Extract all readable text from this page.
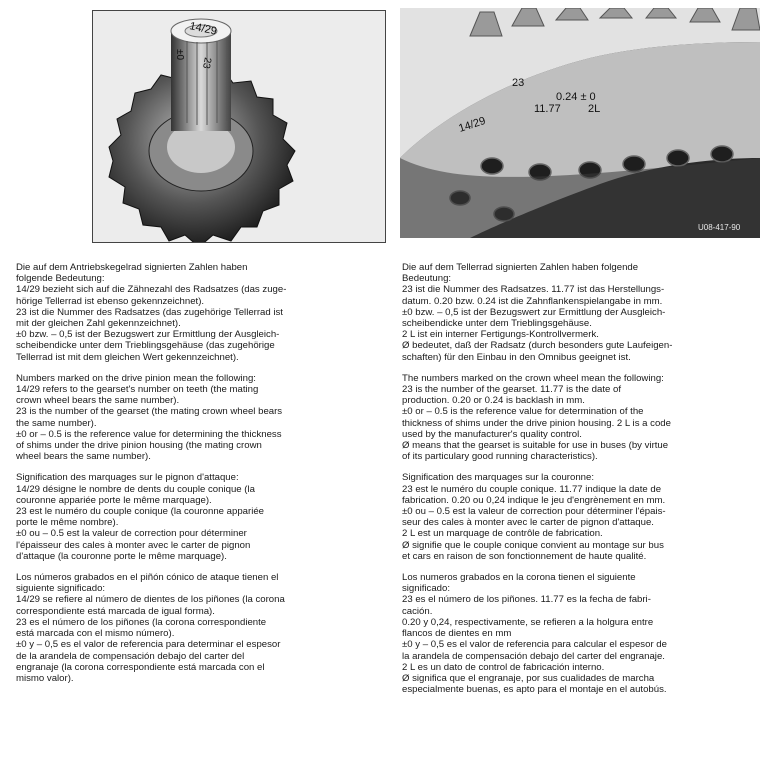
14/29
±0
23
23
0.24 ± 0
14/29
11.77 2L
U08-417-90
Die auf dem Antriebskegelrad signierten Zahlen haben
folgende Bedeutung:
14/29 bezieht sich auf die Zähnezahl des Radsatzes (das zuge-
hörige Tellerrad ist ebenso gekennzeichnet).
23 ist die Nummer des Radsatzes (das zugehörige Tellerrad ist
mit der gleichen Zahl gekennzeichnet).
±0 bzw. – 0,5 ist der Bezugswert zur Ermittlung der Ausgleich-
scheibendicke unter dem Trieblingsgehäuse (das zugehörige
Tellerrad ist mit dem gleichen Wert gekennzeichnet).
Numbers marked on the drive pinion mean the following:
14/29 refers to the gearset's number on teeth (the mating
crown wheel bears the same number).
23 is the number of the gearset (the mating crown wheel bears
the same number).
±0 or – 0.5 is the reference value for determining the thickness
of shims under the drive pinion housing (the mating crown
wheel bears the same number).
Signification des marquages sur le pignon d'attaque:
14/29 désigne le nombre de dents du couple conique (la
couronne appariée porte le même marquage).
23 est le numéro du couple conique (la couronne appariée
porte le même nombre).
±0 ou – 0.5 est la valeur de correction pour déterminer
l'épaisseur des cales à monter avec le carter de pignon
d'attaque (la couronne porte le même marquage).
Los números grabados en el piñón cónico de ataque tienen el
siguiente significado:
14/29 se refiere al número de dientes de los piñones (la corona
correspondiente está marcada de igual forma).
23 es el número de los piñones (la corona correspondiente
está marcada con el mismo número).
±0 y – 0,5 es el valor de referencia para determinar el espesor
de la arandela de compensación debajo del carter del
engranaje (la corona correspondiente está marcada con el
mismo valor).
Die auf dem Tellerrad signierten Zahlen haben folgende
Bedeutung:
23 ist die Nummer des Radsatzes. 11.77 ist das Herstellungs-
datum. 0.20 bzw. 0.24 ist die Zahnflankenspielangabe in mm.
±0 bzw. – 0,5 ist der Bezugswert zur Ermittlung der Ausgleich-
scheibendicke unter dem Trieblingsgehäuse.
2 L ist ein interner Fertigungs-Kontrollvermerk.
Ø bedeutet, daß der Radsatz (durch besonders gute Laufeigen-
schaften) für den Einbau in den Omnibus geeignet ist.
The numbers marked on the crown wheel mean the following:
23 is the number of the gearset. 11.77 is the date of
production. 0.20 or 0.24 is backlash in mm.
±0 or – 0.5 is the reference value for determination of the
thickness of shims under the drive pinion housing. 2 L is a code
used by the manufacturer's quality control.
Ø means that the gearset is suitable for use in buses (by virtue
of its particulary good running characteristics).
Signification des marquages sur la couronne:
23 est le numéro du couple conique. 11.77 indique la date de
fabrication. 0.20 ou 0,24 indique le jeu d'engrènement en mm.
±0 ou – 0.5 est la valeur de correction pour déterminer l'épais-
seur des cales à monter avec le carter de pignon d'attaque.
2 L est un marquage de contrôle de fabrication.
Ø signifie que le couple conique convient au montage sur bus
et cars en raison de son fonctionnement de haute qualité.
Los numeros grabados en la corona tienen el siguiente
significado:
23 es el número de los piñones. 11.77 es la fecha de fabri-
cación.
0.20 y 0,24, respectivamente, se refieren a la holgura entre
flancos de dientes en mm
±0 y – 0,5 es el valor de referencia para calcular el espesor de
la arandela de compensación debajo del carter del engranaje.
2 L es un dato de control de fabricación interno.
Ø significa que el engranaje, por sus cualidades de marcha
especialmente buenas, es apto para el montaje en el autobús.
